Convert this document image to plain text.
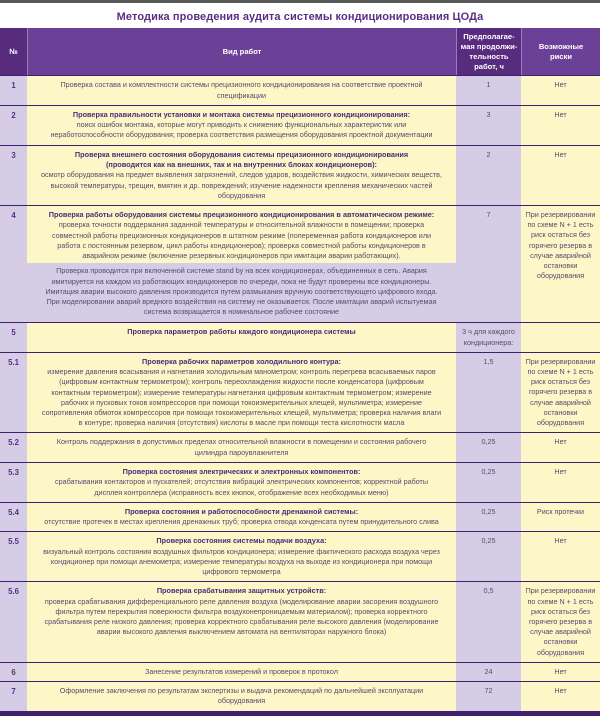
Методика проведения аудита системы кондиционирования ЦОДа
№	Вид работ
Предполагае-
мая продолжи-
тельность
работ, ч
Возможные
риски
1	Проверка состава и комплектности системы прецизионного кондиционирования на соответствие проектной спецификации
1	Нет
2	Проверка правильности установки и монтажа системы прецизионного кондиционирования:
поиск ошибок монтажа, которые могут приводить к снижению функциональных характеристик или неработоспособности оборудования; проверка соответствия размещения оборудования проектной документации
3	Нет
3	Проверка внешнего состояния оборудования системы прецизионного кондиционирования
(проводится как на внешних, так и на внутренних блоках кондиционеров):
осмотр оборудования на предмет выявления загрязнений, следов ударов, воздействия жидкости, химических веществ, высокой температуры, трещин, вмятин и др. повреждений; изучение надежности крепления механических частей оборудования
2	Нет
4	Проверка работы оборудования системы прецизионного кондиционирования в автоматическом режиме:
проверка точности поддержания заданной температуры и относительной влажности в помещении; проверка совместной работы прецизионных кондиционеров в штатном режиме (попеременная работа кондиционеров или работа с постоянным резервом, цикл работы кондиционеров); проверка совместной работы кондиционеров в аварийном режиме (включение резервных кондиционеров при имитации аварии работающих).
Проверка проводится при включенной системе stand by на всех кондиционерах, объединенных в сеть. Авария имитируется на каждом из работающих кондиционеров по очереди, пока не будут проверены все кондиционеры. Имитация аварии высокого давления производится путем размыкания вручную соответствующего цифрового входа. При моделировании аварий вредного воздействия на систему не оказывается. После имитации аварий испытуемая система возвращается в номинальное рабочее состояние
7	При резервировании по схеме N + 1 есть риск остаться без горячего резерва в случае аварийной остановки оборудования
5	Проверка параметров работы каждого кондиционера системы	3 ч для каждого кондиционера:
5.1	Проверка рабочих параметров холодильного контура:
измерение давления всасывания и нагнетания холодильным манометром; контроль перегрева всасываемых паров (цифровым контактным термометром); контроль переохлаждения жидкости после конденсатора (цифровым контактным термометром); измерение температуры нагнетания цифровым контактным термометром; измерение рабочих и пусковых токов компрессоров при помощи токоизмерительных клещей, мультиметра; измерение сопротивления обмоток компрессоров при помощи токоизмерительных клещей, мультиметра; проверка наличия влаги в контуре; проверка наличия (отсутствия) кислоты в масле при помощи теста кислотности масла
1,5	При резервировании по схеме N + 1 есть риск остаться без горячего резерва в случае аварийной остановки оборудования
5.2	Контроль поддержания в допустимых пределах относительной влажности в помещении и состояния рабочего цилиндра пароувлажнителя
0,25	Нет
5.3	Проверка состояния электрических и электронных компонентов:
срабатывания контакторов и пускателей; отсутствия вибраций электрических компонентов; корректной работы дисплея контроллера (исправность всех кнопок, отображение всех необходимых меню)
0,25	Нет
5.4	Проверка состояния и работоспособности дренажной системы:
отсутствие протечек в местах крепления дренажных труб; проверка отвода конденсата путем принудительного слива
0,25	Риск протечки
5.5	Проверка состояния системы подачи воздуха:
визуальный контроль состояния воздушных фильтров кондиционера; измерение фактического расхода воздуха через кондиционер при помощи анемометра; измерение температуры воздуха на выходе из кондиционера при помощи цифрового термометра
0,25	Нет
5.6	Проверка срабатывания защитных устройств:
проверка срабатывания дифференциального реле давления воздуха (моделирование аварии засорения воздушного фильтра путем перекрытия поверхности фильтра воздухонепроницаемым материалом); проверка корректного срабатывания реле низкого давления; проверка корректного срабатывания реле высокого давления (моделирование аварии высокого давления выключением автомата на вентиляторах наружного блока)
0,5	При резервировании по схеме N + 1 есть риск остаться без горячего резерва в случае аварийной остановки оборудования
6	Занесение результатов измерений и проверок в протокол	24	Нет
7	Оформление заключения по результатам экспертизы и выдача рекомендаций по дальнейшей эксплуатации оборудования
72	Нет
